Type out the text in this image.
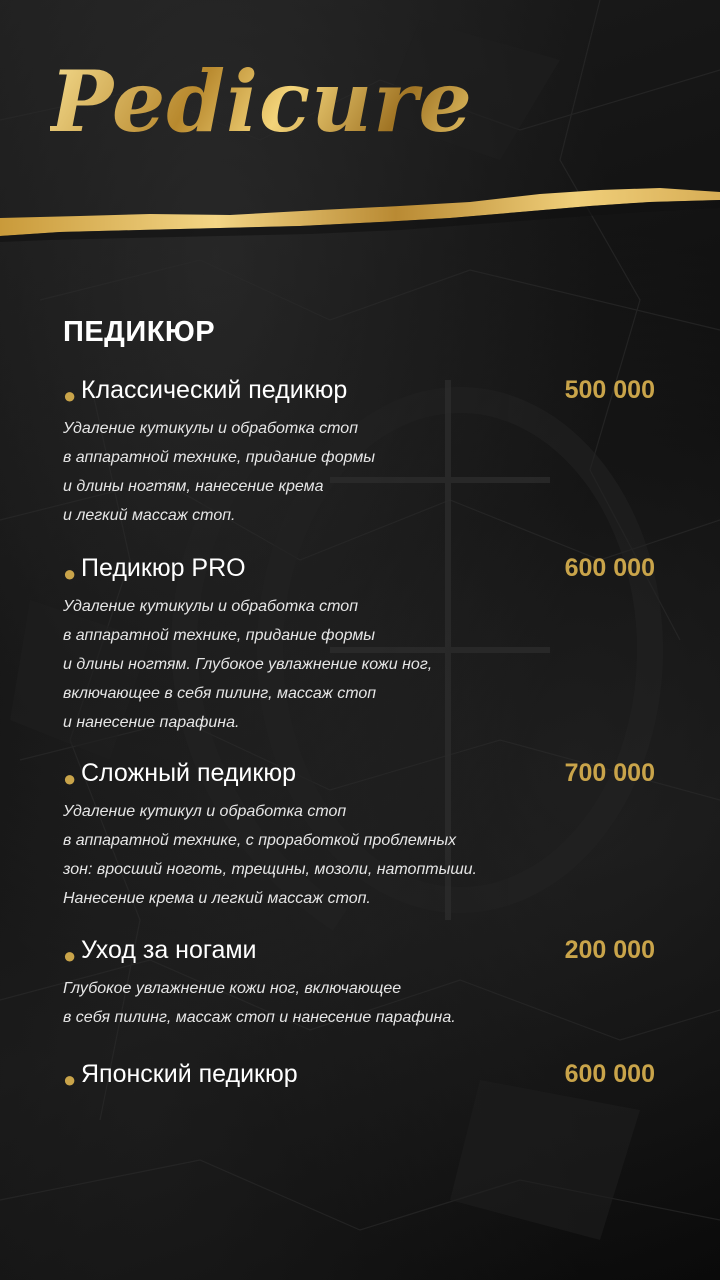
Pedicure
ПЕДИКЮР
● Классический педикюр	500 000
Удаление кутикулы и обработка стоп
в аппаратной технике, придание формы
и длины ногтям, нанесение крема
и легкий массаж стоп.
● Педикюр PRO	600 000
Удаление кутикулы и обработка стоп
в аппаратной технике, придание формы
и длины ногтям. Глубокое увлажнение кожи ног,
включающее в себя пилинг, массаж стоп
и нанесение парафина.
● Сложный педикюр	700 000
Удаление кутикул и обработка стоп
в аппаратной технике, с проработкой проблемных
зон: вросший ноготь, трещины, мозоли, натоптыши.
Нанесение крема и легкий массаж стоп.
● Уход за ногами	200 000
Глубокое увлажнение кожи ног, включающее
в себя пилинг, массаж стоп и нанесение парафина.
● Японский педикюр	600 000
